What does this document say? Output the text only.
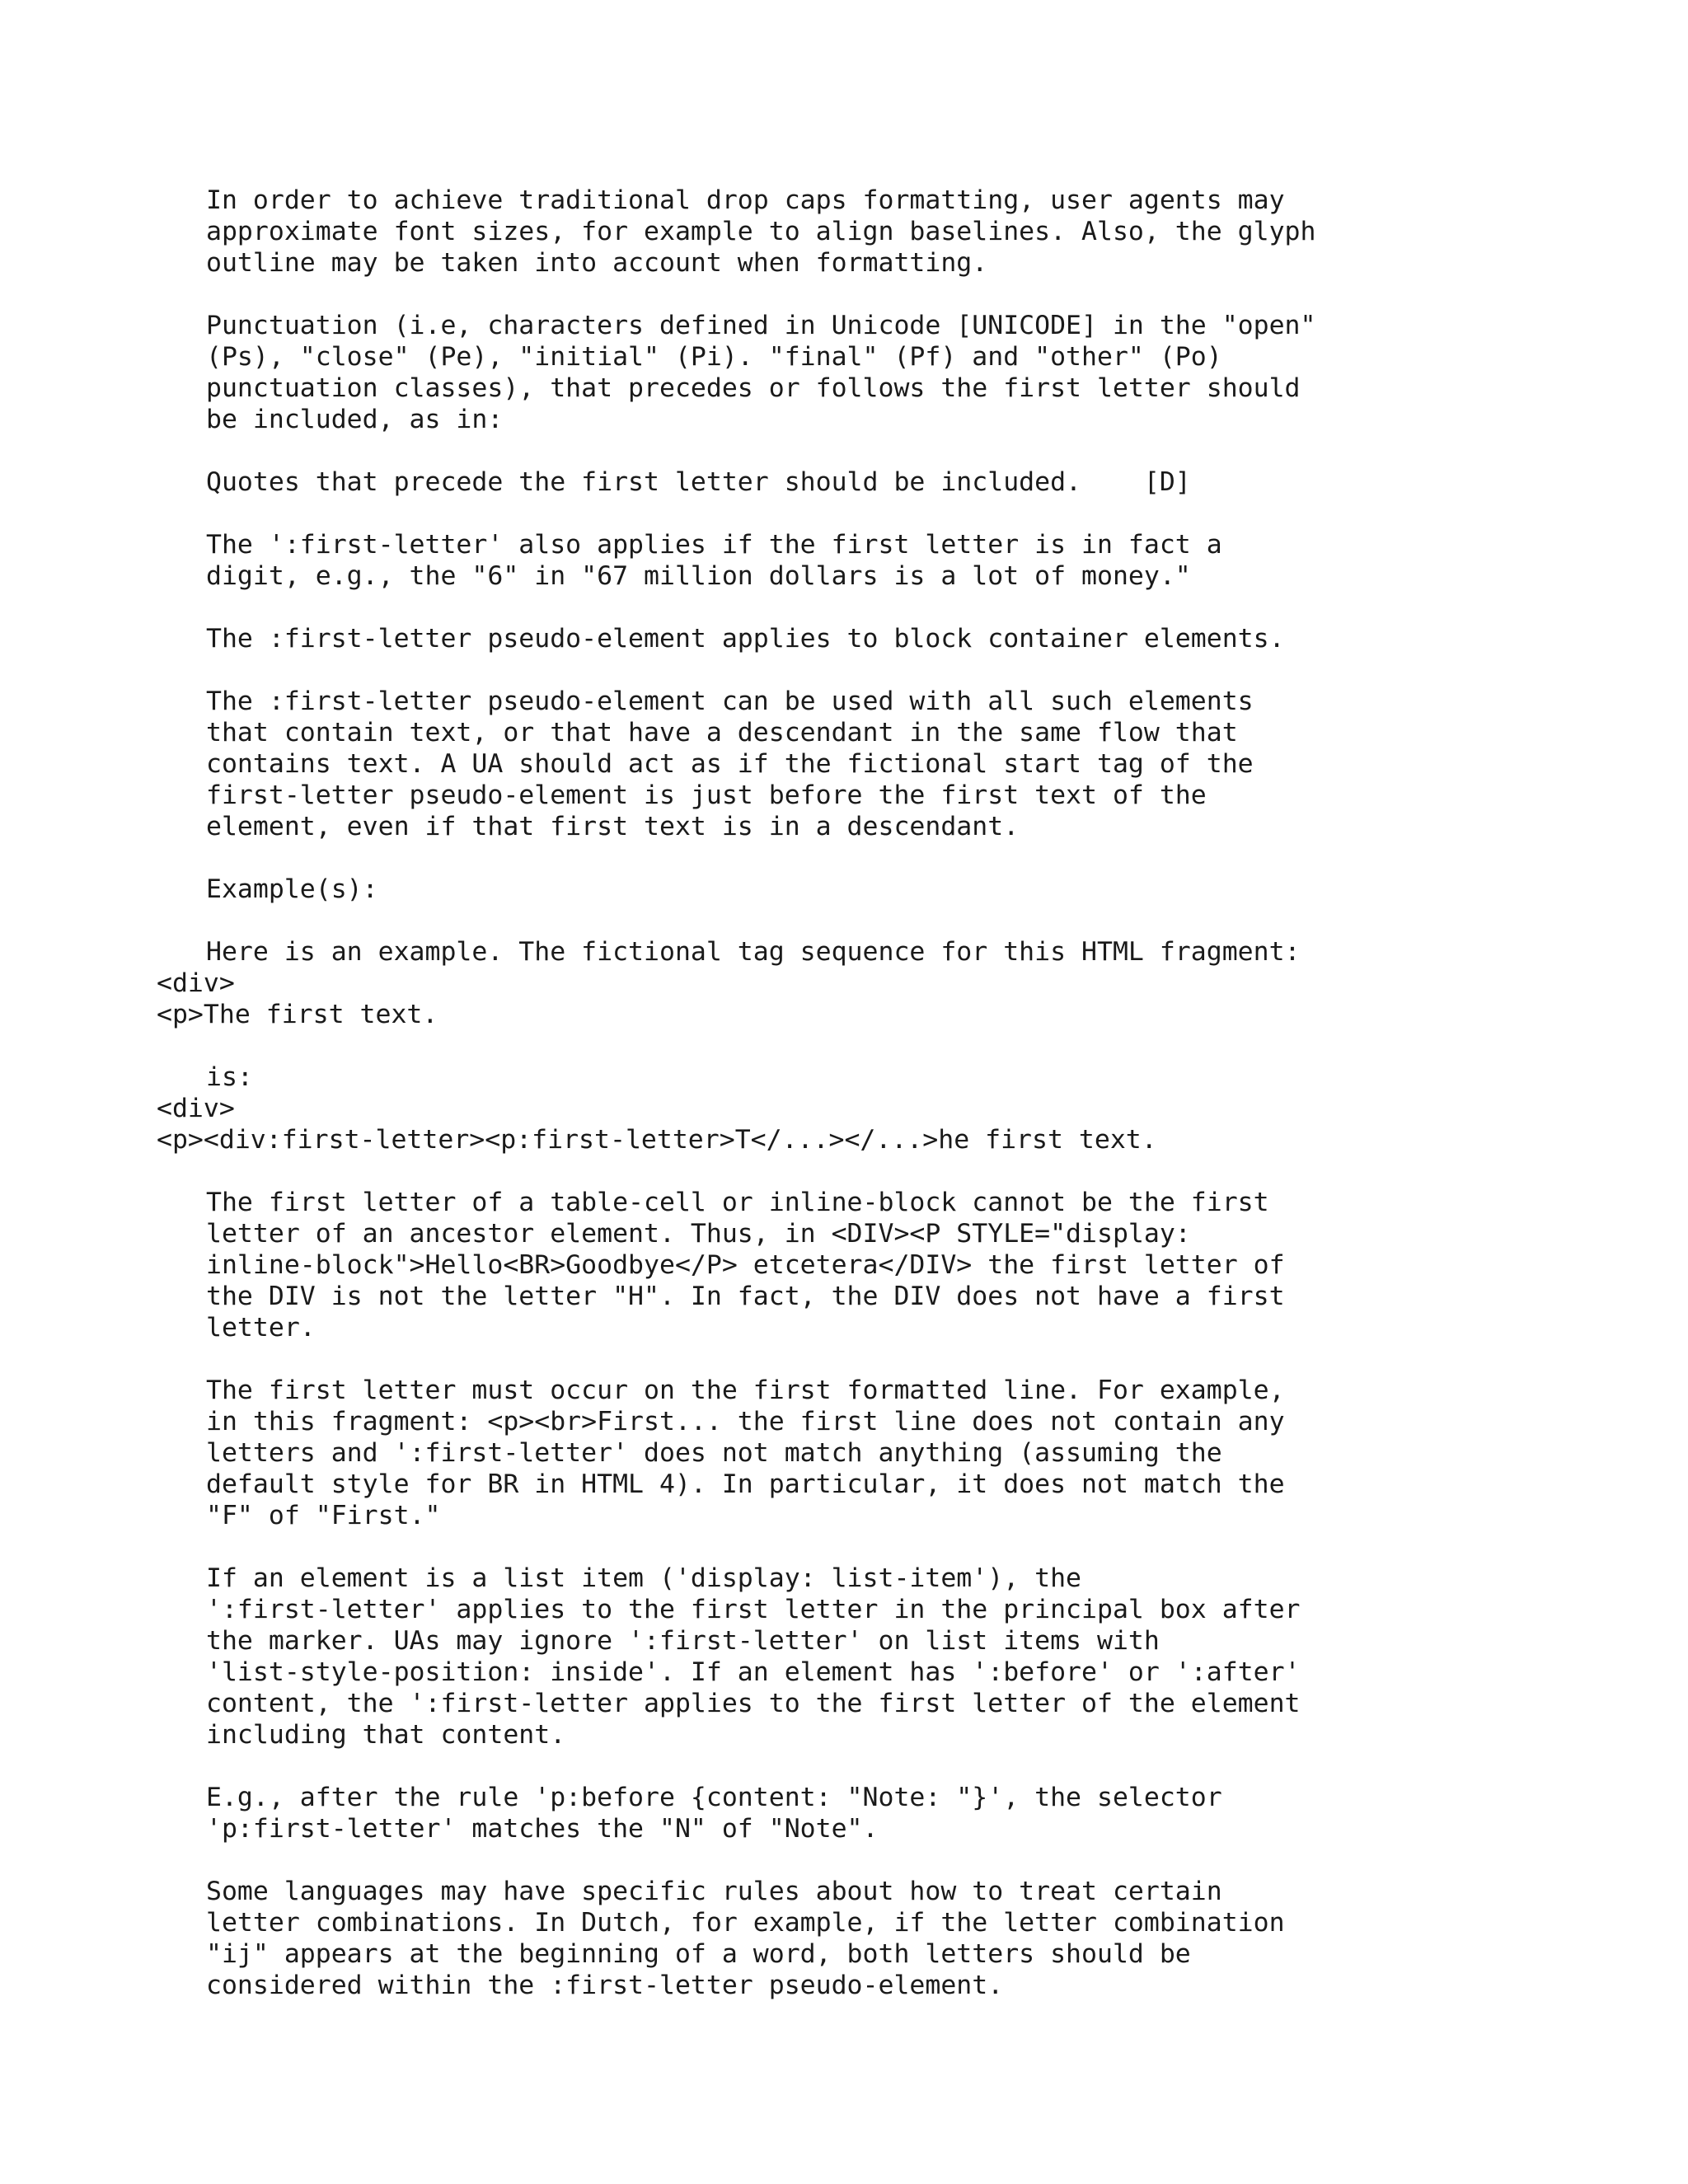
In order to achieve traditional drop caps formatting, user agents may
approximate font sizes, for example to align baselines. Also, the glyph
outline may be taken into account when formatting.
Punctuation (i.e, characters defined in Unicode [UNICODE] in the "open"
(Ps), "close" (Pe), "initial" (Pi). "final" (Pf) and "other" (Po)
punctuation classes), that precedes or follows the first letter should
be included, as in:
Quotes that precede the first letter should be included.    [D]
The ':first-letter' also applies if the first letter is in fact a
digit, e.g., the "6" in "67 million dollars is a lot of money."
The :first-letter pseudo-element applies to block container elements.
The :first-letter pseudo-element can be used with all such elements
that contain text, or that have a descendant in the same flow that
contains text. A UA should act as if the fictional start tag of the
first-letter pseudo-element is just before the first text of the
element, even if that first text is in a descendant.
Example(s):
Here is an example. The fictional tag sequence for this HTML fragment:
<div>
<p>The first text.
is:
<div>
<p><div:first-letter><p:first-letter>T</...></...>he first text.
The first letter of a table-cell or inline-block cannot be the first
letter of an ancestor element. Thus, in <DIV><P STYLE="display:
inline-block">Hello<BR>Goodbye</P> etcetera</DIV> the first letter of
the DIV is not the letter "H". In fact, the DIV does not have a first
letter.
The first letter must occur on the first formatted line. For example,
in this fragment: <p><br>First... the first line does not contain any
letters and ':first-letter' does not match anything (assuming the
default style for BR in HTML 4). In particular, it does not match the
"F" of "First."
If an element is a list item ('display: list-item'), the
':first-letter' applies to the first letter in the principal box after
the marker. UAs may ignore ':first-letter' on list items with
'list-style-position: inside'. If an element has ':before' or ':after'
content, the ':first-letter applies to the first letter of the element
including that content.
E.g., after the rule 'p:before {content: "Note: "}', the selector
'p:first-letter' matches the "N" of "Note".
Some languages may have specific rules about how to treat certain
letter combinations. In Dutch, for example, if the letter combination
"ij" appears at the beginning of a word, both letters should be
considered within the :first-letter pseudo-element.
